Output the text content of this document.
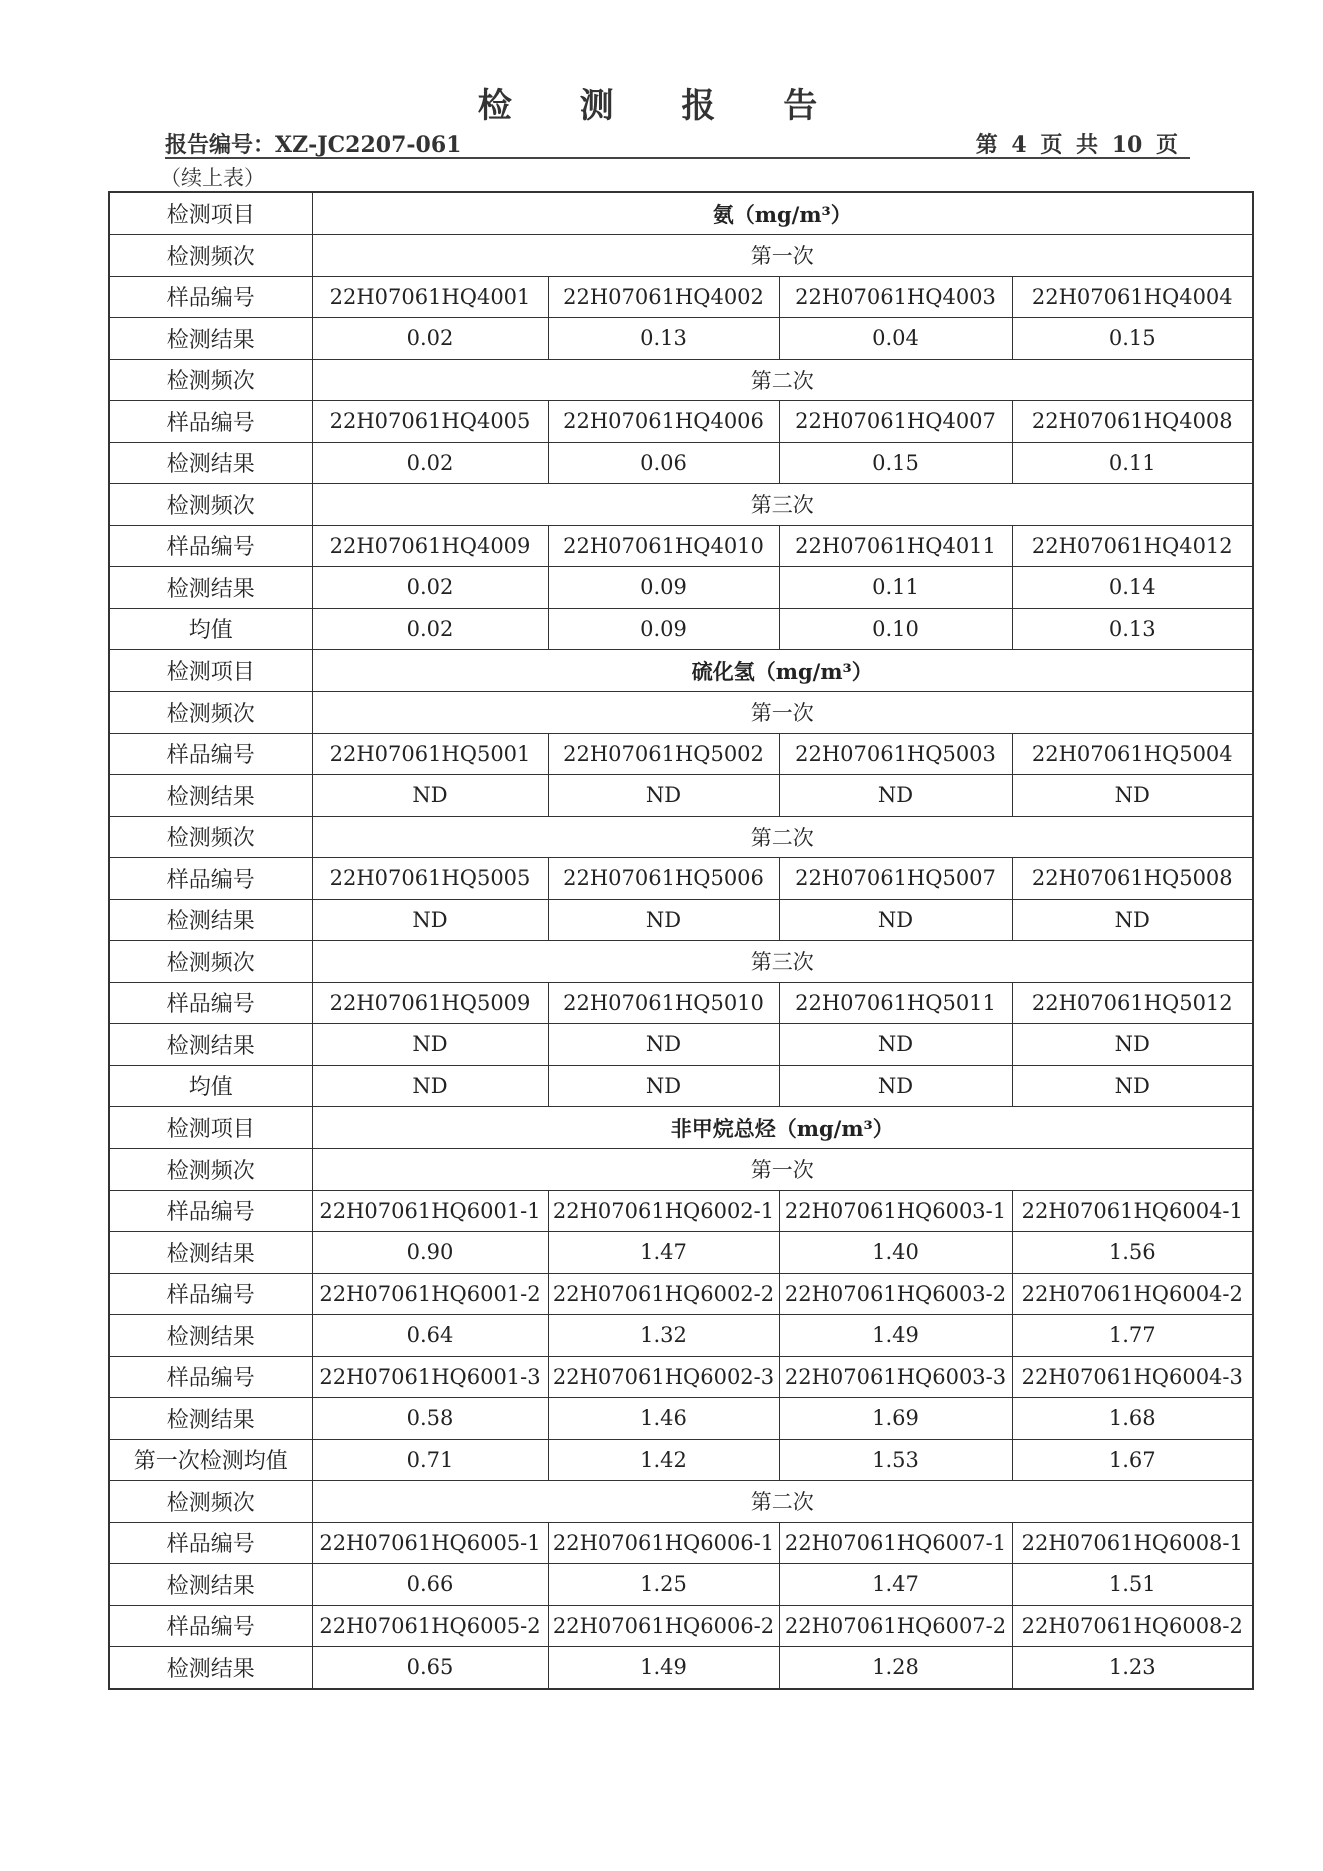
检 测 报 告
报告编号：XZ-JC2207-061	第 4 页 共 10 页
（续上表）
检测项目	氨（mg/m³）			
检测频次	第一次			
样品编号	22H07061HQ4001	22H07061HQ4002	22H07061HQ4003	22H07061HQ4004
检测结果	0.02	0.13	0.04	0.15
检测频次	第二次			
样品编号	22H07061HQ4005	22H07061HQ4006	22H07061HQ4007	22H07061HQ4008
检测结果	0.02	0.06	0.15	0.11
检测频次	第三次			
样品编号	22H07061HQ4009	22H07061HQ4010	22H07061HQ4011	22H07061HQ4012
检测结果	0.02	0.09	0.11	0.14
均值	0.02	0.09	0.10	0.13
检测项目	硫化氢（mg/m³）			
检测频次	第一次			
样品编号	22H07061HQ5001	22H07061HQ5002	22H07061HQ5003	22H07061HQ5004
检测结果	ND	ND	ND	ND
检测频次	第二次			
样品编号	22H07061HQ5005	22H07061HQ5006	22H07061HQ5007	22H07061HQ5008
检测结果	ND	ND	ND	ND
检测频次	第三次			
样品编号	22H07061HQ5009	22H07061HQ5010	22H07061HQ5011	22H07061HQ5012
检测结果	ND	ND	ND	ND
均值	ND	ND	ND	ND
检测项目	非甲烷总烃（mg/m³）			
检测频次	第一次			
样品编号	22H07061HQ6001-1	22H07061HQ6002-1	22H07061HQ6003-1	22H07061HQ6004-1
检测结果	0.90	1.47	1.40	1.56
样品编号	22H07061HQ6001-2	22H07061HQ6002-2	22H07061HQ6003-2	22H07061HQ6004-2
检测结果	0.64	1.32	1.49	1.77
样品编号	22H07061HQ6001-3	22H07061HQ6002-3	22H07061HQ6003-3	22H07061HQ6004-3
检测结果	0.58	1.46	1.69	1.68
第一次检测均值	0.71	1.42	1.53	1.67
检测频次	第二次			
样品编号	22H07061HQ6005-1	22H07061HQ6006-1	22H07061HQ6007-1	22H07061HQ6008-1
检测结果	0.66	1.25	1.47	1.51
样品编号	22H07061HQ6005-2	22H07061HQ6006-2	22H07061HQ6007-2	22H07061HQ6008-2
检测结果	0.65	1.49	1.28	1.23
